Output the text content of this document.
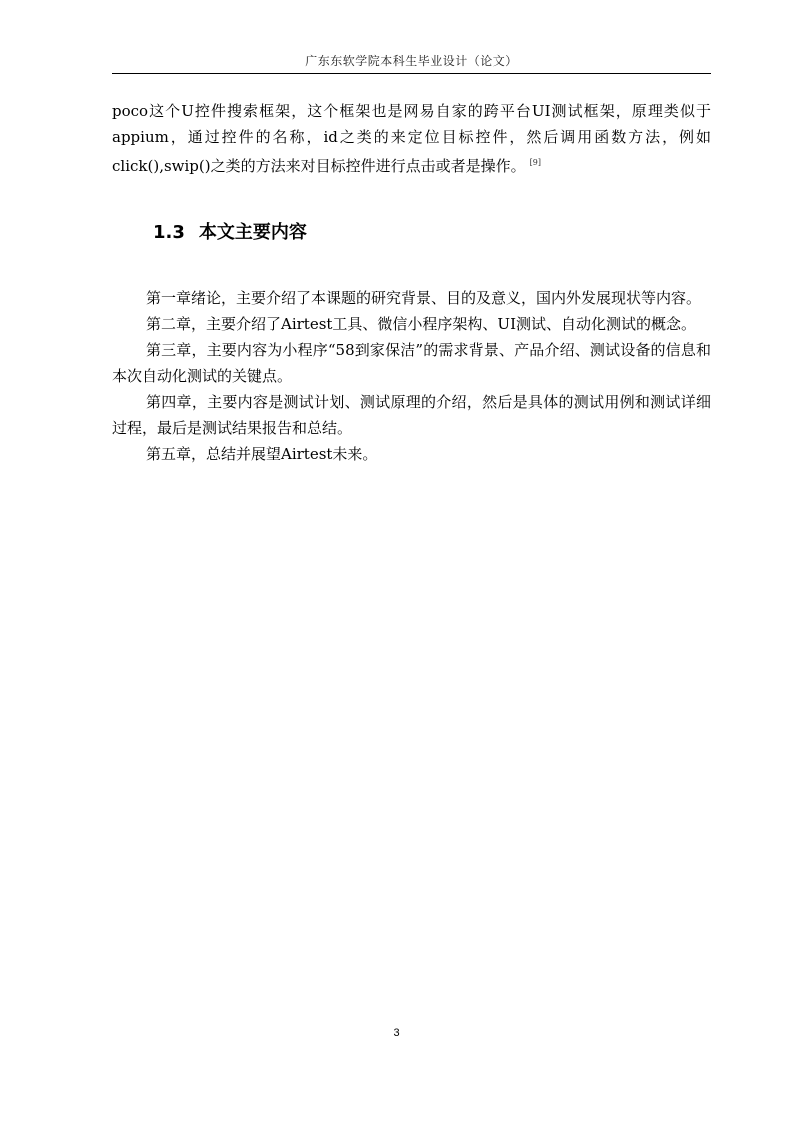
广东东软学院本科生毕业设计（论文）

poco这个U控件搜索框架，这个框架也是网易自家的跨平台UI测试框架，原理类似于appium，通过控件的名称，id之类的来定位目标控件，然后调用函数方法，例如click(),swip()之类的方法来对目标控件进行点击或者是操作。 [9]

1.3 本文主要内容

第一章绪论，主要介绍了本课题的研究背景、目的及意义，国内外发展现状等内容。

第二章，主要介绍了Airtest工具、微信小程序架构、UI测试、自动化测试的概念。

第三章，主要内容为小程序“58到家保洁”的需求背景、产品介绍、测试设备的信息和本次自动化测试的关键点。

第四章，主要内容是测试计划、测试原理的介绍，然后是具体的测试用例和测试详细过程，最后是测试结果报告和总结。

第五章，总结并展望Airtest未来。

3
